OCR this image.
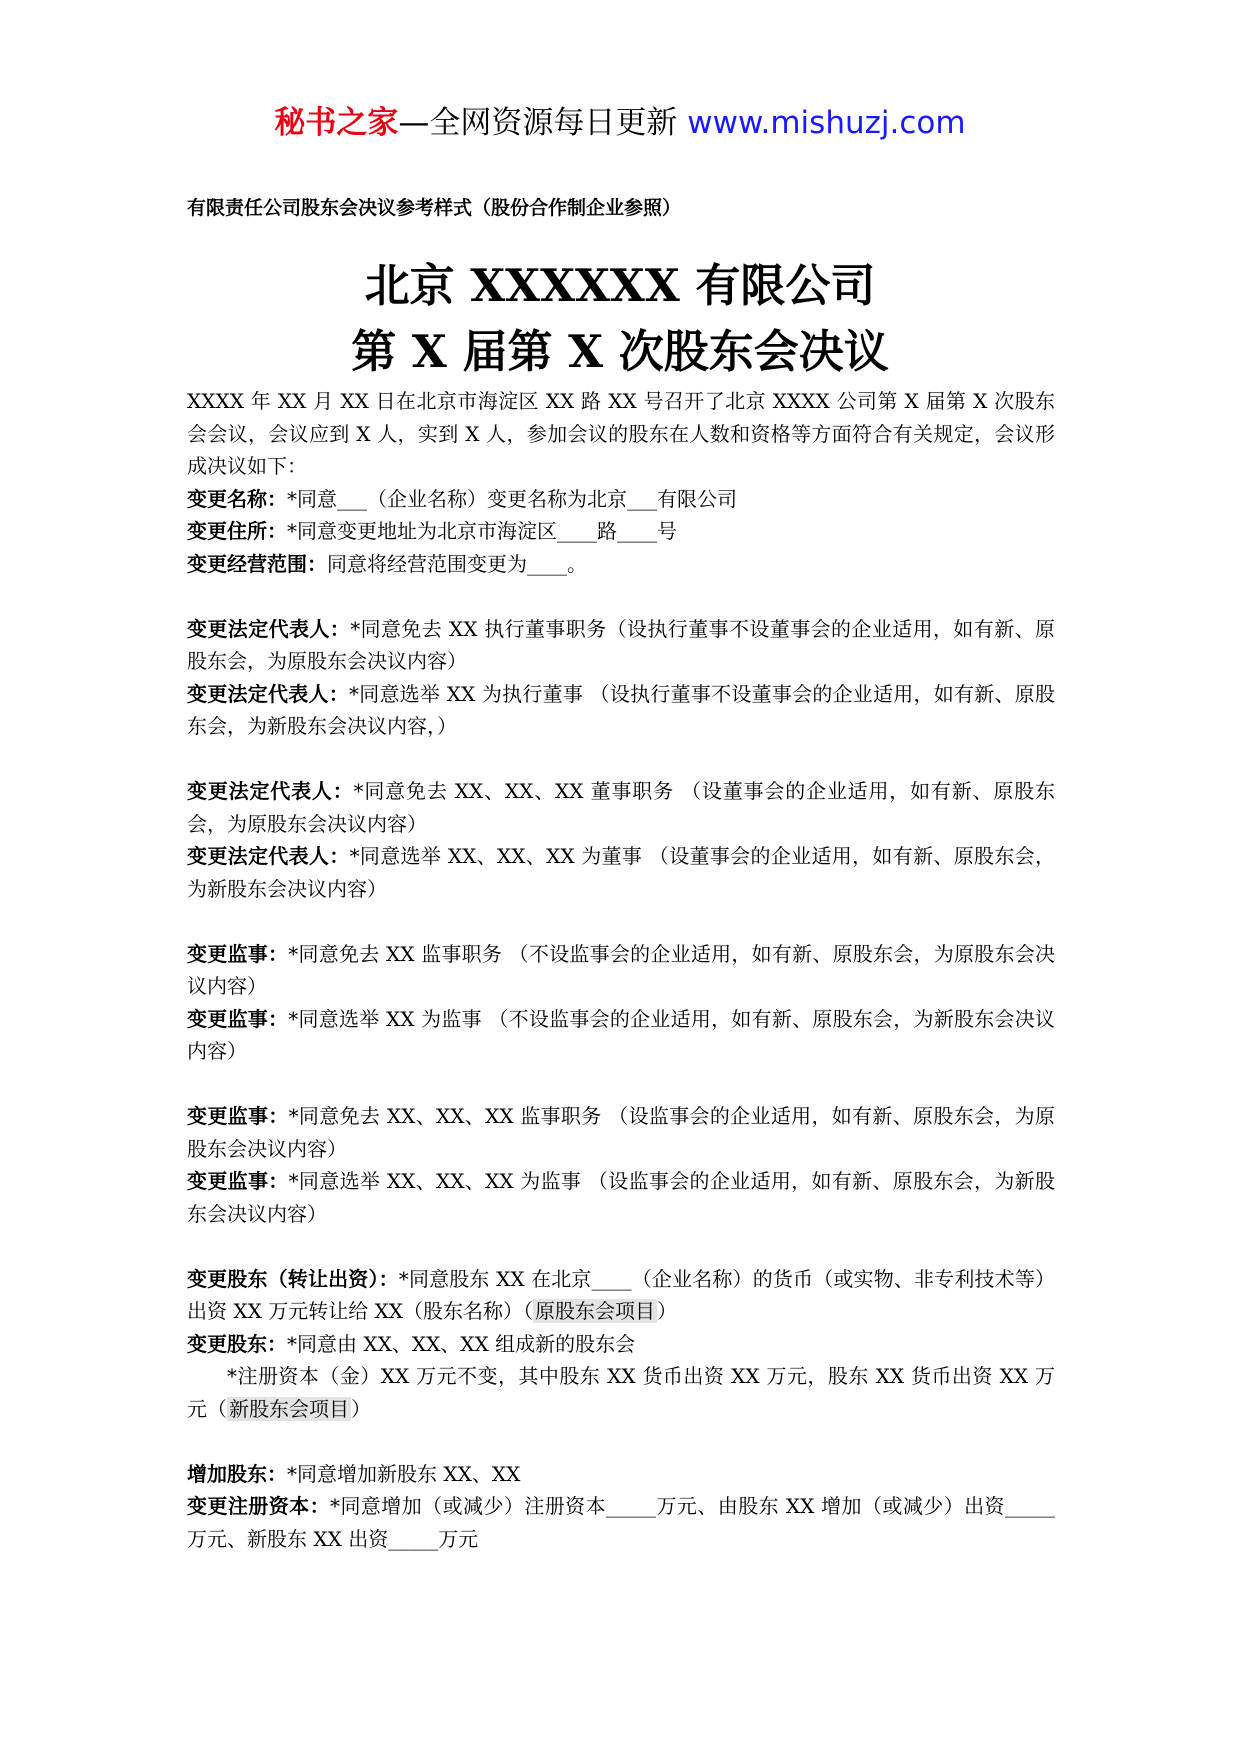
秘书之家—全网资源每日更新 www.mishuzj.com
有限责任公司股东会决议参考样式（股份合作制企业参照）
北京 XXXXXX 有限公司
第 X 届第 X 次股东会决议

XXXX 年 XX 月 XX 日在北京市海淀区 XX 路 XX 号召开了北京 XXXX 公司第 X 届第 X 次股东会会议，会议应到 X 人，实到 X 人，参加会议的股东在人数和资格等方面符合有关规定，会议形成决议如下：

变更名称：*同意___（企业名称）变更名称为北京___有限公司

变更住所：*同意变更地址为北京市海淀区____路____号

变更经营范围：同意将经营范围变更为____。

变更法定代表人：*同意免去 XX 执行董事职务（设执行董事不设董事会的企业适用，如有新、原股东会，为原股东会决议内容）

变更法定代表人：*同意选举 XX 为执行董事 （设执行董事不设董事会的企业适用，如有新、原股东会，为新股东会决议内容，）

变更法定代表人：*同意免去 XX、XX、XX 董事职务 （设董事会的企业适用，如有新、原股东会，为原股东会决议内容）

变更法定代表人：*同意选举 XX、XX、XX 为董事 （设董事会的企业适用，如有新、原股东会，为新股东会决议内容）

变更监事：*同意免去 XX 监事职务 （不设监事会的企业适用，如有新、原股东会，为原股东会决议内容）

变更监事：*同意选举 XX 为监事 （不设监事会的企业适用，如有新、原股东会，为新股东会决议内容）

变更监事：*同意免去 XX、XX、XX 监事职务 （设监事会的企业适用，如有新、原股东会，为原股东会决议内容）

变更监事：*同意选举 XX、XX、XX 为监事 （设监事会的企业适用，如有新、原股东会，为新股东会决议内容）

变更股东（转让出资）：*同意股东 XX 在北京____（企业名称）的货币（或实物、非专利技术等）出资 XX 万元转让给 XX（股东名称）（ 原股东会项目 ）

变更股东：*同意由 XX、XX、XX 组成新的股东会

*注册资本（金）XX 万元不变，其中股东 XX 货币出资 XX 万元，股东 XX 货币出资 XX 万元（ 新股东会项目 ）

增加股东：*同意增加新股东 XX、XX

变更注册资本：*同意增加（或减少）注册资本_____万元、由股东 XX 增加（或减少）出资_____万元、新股东 XX 出资_____万元
